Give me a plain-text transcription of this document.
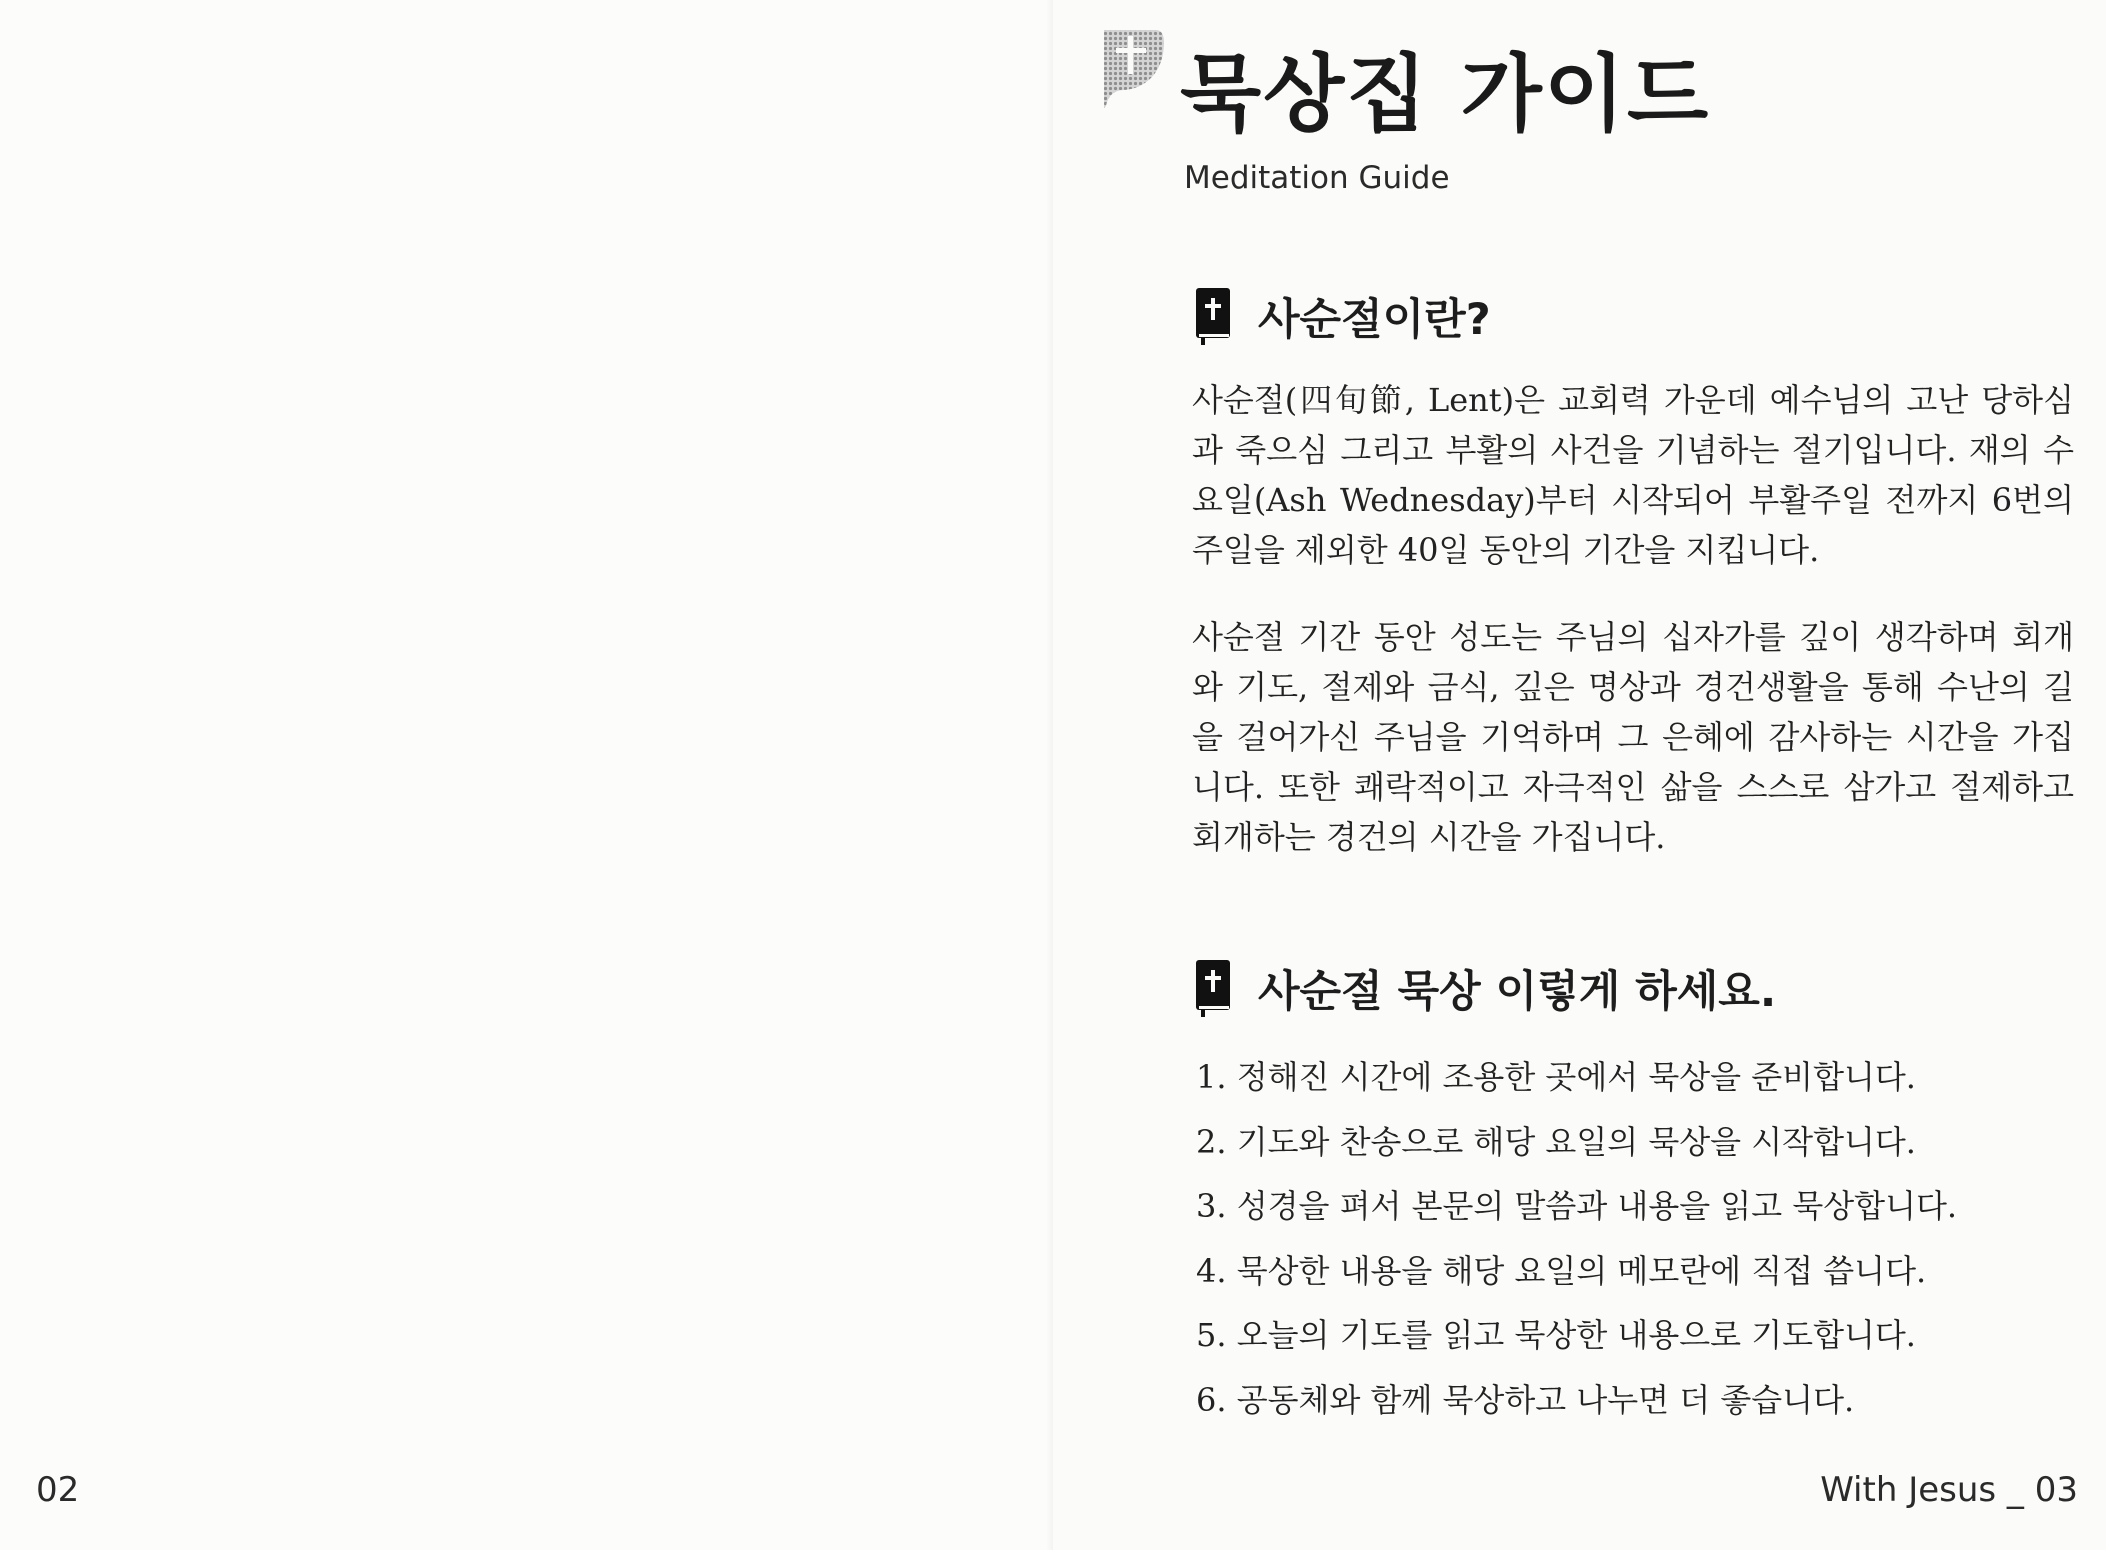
02
묵상집 가이드
Meditation Guide
사순절이란?

사순절(四旬節, Lent)은 교회력 가운데 예수님의 고난 당하심과 죽으심 그리고 부활의 사건을 기념하는 절기입니다. 재의 수요일(Ash Wednesday)부터 시작되어 부활주일 전까지 6번의 주일을 제외한 40일 동안의 기간을 지킵니다.

사순절 기간 동안 성도는 주님의 십자가를 깊이 생각하며 회개와 기도, 절제와 금식, 깊은 명상과 경건생활을 통해 수난의 길을 걸어가신 주님을 기억하며 그 은혜에 감사하는 시간을 가집니다. 또한 쾌락적이고 자극적인 삶을 스스로 삼가고 절제하고 회개하는 경건의 시간을 가집니다.

사순절 묵상 이렇게 하세요.
1. 정해진 시간에 조용한 곳에서 묵상을 준비합니다.
2. 기도와 찬송으로 해당 요일의 묵상을 시작합니다.
3. 성경을 펴서 본문의 말씀과 내용을 읽고 묵상합니다.
4. 묵상한 내용을 해당 요일의 메모란에 직접 씁니다.
5. 오늘의 기도를 읽고 묵상한 내용으로 기도합니다.
6. 공동체와 함께 묵상하고 나누면 더 좋습니다.
With Jesus _ 03
